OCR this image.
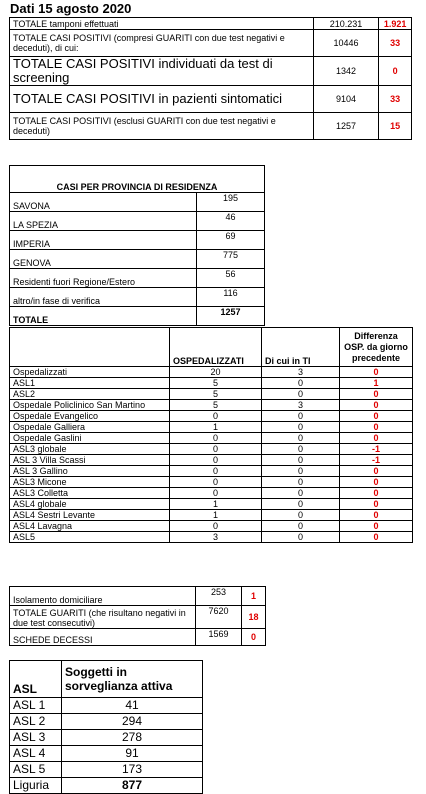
Dati 15 agosto 2020
TOTALE tamponi effettuati	210.231	1.921
TOTALE CASI POSITIVI (compresi GUARITI con due test negativi e deceduti), di cui:	10446	33
TOTALE CASI POSITIVI individuati da test di screening	1342	0
TOTALE CASI POSITIVI in pazienti sintomatici	9104	33
TOTALE CASI POSITIVI (esclusi GUARITI con due test negativi e deceduti)	1257	15
CASI PER PROVINCIA DI RESIDENZA	
SAVONA	195
LA SPEZIA	46
IMPERIA	69
GENOVA	775
Residenti fuori Regione/Estero	56
altro/in fase di verifica	116
TOTALE	1257
	OSPEDALIZZATI	Di cui in TI	Differenza OSP. da giorno precedente
Ospedalizzati	20	3	0
ASL1	5	0	1
ASL2	5	0	0
Ospedale Policlinico San Martino	5	3	0
Ospedale Evangelico	0	0	0
Ospedale Galliera	1	0	0
Ospedale Gaslini	0	0	0
ASL3 globale	0	0	-1
ASL 3 Villa Scassi	0	0	-1
ASL 3 Gallino	0	0	0
ASL3 Micone	0	0	0
ASL3 Colletta	0	0	0
ASL4 globale	1	0	0
ASL4 Sestri Levante	1	0	0
ASL4 Lavagna	0	0	0
ASL5	3	0	0
Isolamento domiciliare	253	1
TOTALE GUARITI (che risultano negativi in due test consecutivi)	7620	18
SCHEDE DECESSI	1569	0
ASL	Soggetti in sorveglianza attiva
ASL 1	41
ASL 2	294
ASL 3	278
ASL 4	91
ASL 5	173
Liguria	877
